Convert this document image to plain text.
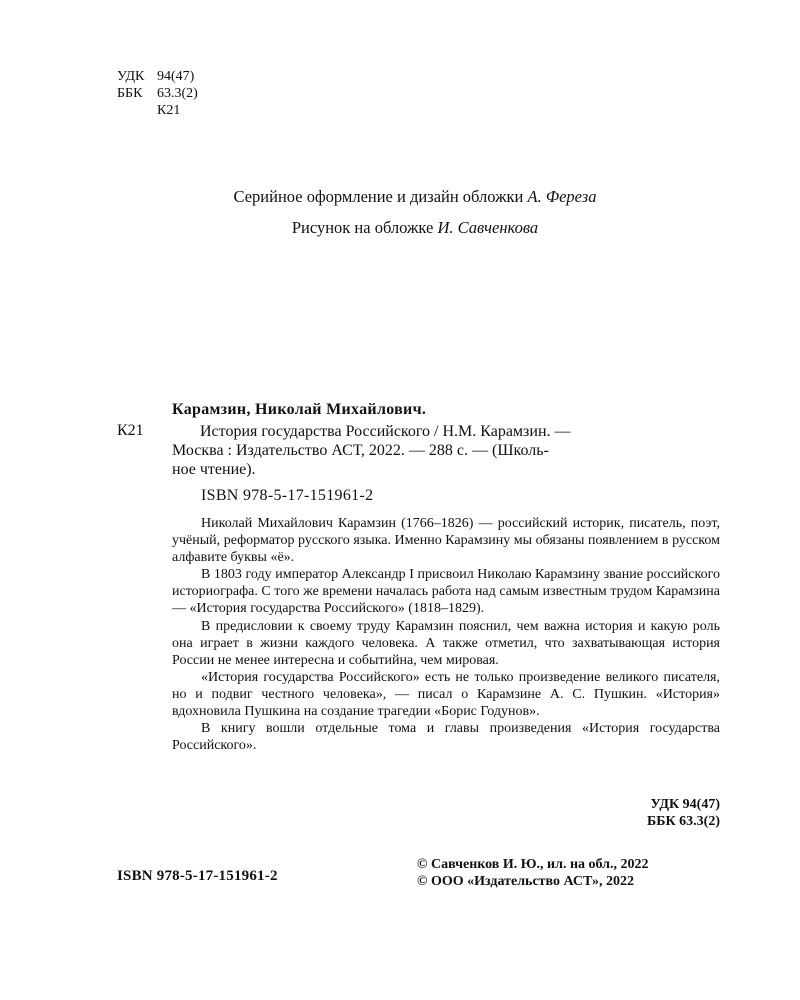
УДК 94(47)
ББК 63.3(2)
К21
Серийное оформление и дизайн обложки А. Фереза
Рисунок на обложке И. Савченкова
Карамзин, Николай Михайлович.
К21	История государства Российского / Н.М. Карамзин. —
Москва : Издательство АСТ, 2022. — 288 с. — (Школь-
ное чтение).
ISBN 978-5-17-151961-2

Николай Михайлович Карамзин (1766–1826) — российский историк, писатель, поэт, учёный, реформатор русского языка. Именно Карамзину мы обязаны появлением в русском алфавите буквы «ё».

В 1803 году император Александр I присвоил Николаю Карамзину звание российского историографа. С того же времени началась работа над самым известным трудом Карамзина — «История государства Российского» (1818–1829).

В предисловии к своему труду Карамзин пояснил, чем важна история и какую роль она играет в жизни каждого человека. А также отметил, что захватывающая история России не менее интересна и событийна, чем мировая.

«История государства Российского» есть не только произведение великого писателя, но и подвиг честного человека», — писал о Карамзине А. С. Пушкин. «История» вдохновила Пушкина на создание трагедии «Борис Годунов».

В книгу вошли отдельные тома и главы произведения «История государства Российского».

УДК 94(47)
ББК 63.3(2)
ISBN 978-5-17-151961-2
© Савченков И. Ю., ил. на обл., 2022
© ООО «Издательство АСТ», 2022
